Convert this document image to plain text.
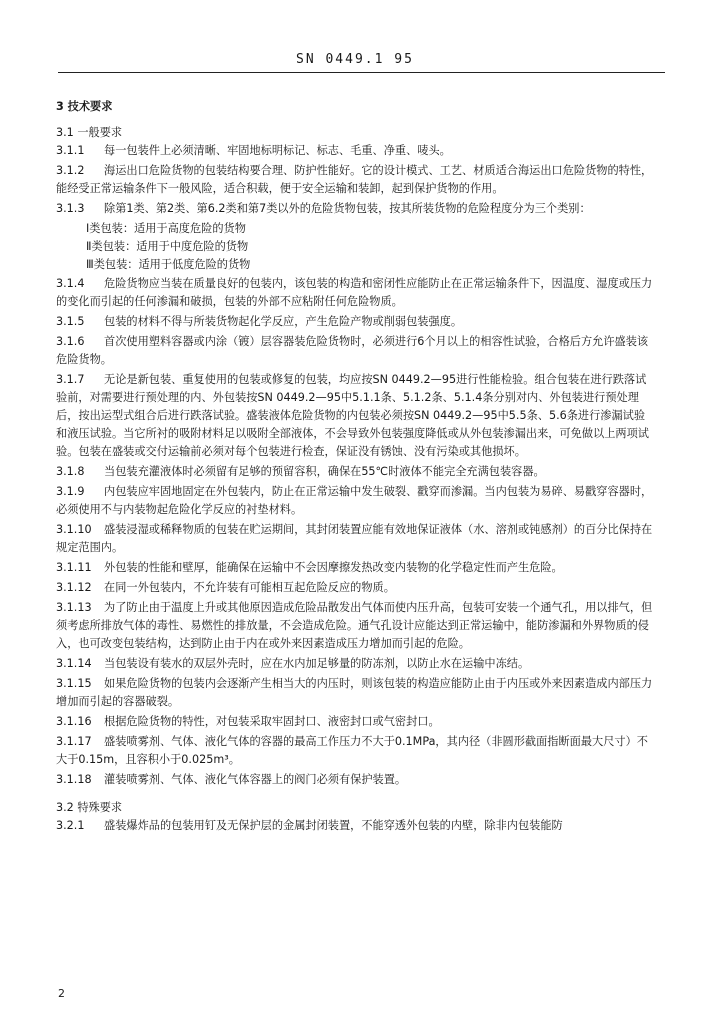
SN 0449.1 95
3 技术要求
3.1 一般要求
3.1.1 每一包装件上必须清晰、牢固地标明标记、标志、毛重、净重、唛头。
3.1.2 海运出口危险货物的包装结构要合理、防护性能好。它的设计模式、工艺、材质适合海运出口危险货物的特性，能经受正常运输条件下一般风险，适合积载，便于安全运输和装卸，起到保护货物的作用。
3.1.3 除第1类、第2类、第6.2类和第7类以外的危险货物包装，按其所装货物的危险程度分为三个类别：
Ⅰ类包装：适用于高度危险的货物
Ⅱ类包装：适用于中度危险的货物
Ⅲ类包装：适用于低度危险的货物
3.1.4 危险货物应当装在质量良好的包装内，该包装的构造和密闭性应能防止在正常运输条件下，因温度、湿度或压力的变化而引起的任何渗漏和破损，包装的外部不应粘附任何危险物质。
3.1.5 包装的材料不得与所装货物起化学反应，产生危险产物或削弱包装强度。
3.1.6 首次使用塑料容器或内涂（镀）层容器装危险货物时，必须进行6个月以上的相容性试验，合格后方允许盛装该危险货物。
3.1.7 无论是新包装、重复使用的包装或修复的包装，均应按SN 0449.2—95进行性能检验。组合包装在进行跌落试验前，对需要进行预处理的内、外包装按SN 0449.2—95中5.1.1条、5.1.2条、5.1.4条分别对内、外包装进行预处理后，按出运型式组合后进行跌落试验。盛装液体危险货物的内包装必须按SN 0449.2—95中5.5条、5.6条进行渗漏试验和液压试验。当它所衬的吸附材料足以吸附全部液体，不会导致外包装强度降低或从外包装渗漏出来，可免做以上两项试验。包装在盛装或交付运输前必须对每个包装进行检查，保证没有锈蚀、没有污染或其他损坏。
3.1.8 当包装充灌液体时必须留有足够的预留容积，确保在55℃时液体不能完全充满包装容器。
3.1.9 内包装应牢固地固定在外包装内，防止在正常运输中发生破裂、戳穿而渗漏。当内包装为易碎、易戳穿容器时，必须使用不与内装物起危险化学反应的衬垫材料。
3.1.10 盛装浸湿或稀释物质的包装在贮运期间，其封闭装置应能有效地保证液体（水、溶剂或钝感剂）的百分比保持在规定范围内。
3.1.11 外包装的性能和壁厚，能确保在运输中不会因摩擦发热改变内装物的化学稳定性而产生危险。
3.1.12 在同一外包装内，不允许装有可能相互起危险反应的物质。
3.1.13 为了防止由于温度上升或其他原因造成危险品散发出气体而使内压升高，包装可安装一个通气孔，用以排气，但须考虑所排放气体的毒性、易燃性的排放量，不会造成危险。通气孔设计应能达到正常运输中，能防渗漏和外界物质的侵入，也可改变包装结构，达到防止由于内在或外来因素造成压力增加而引起的危险。
3.1.14 当包装设有装水的双层外壳时，应在水内加足够量的防冻剂，以防止水在运输中冻结。
3.1.15 如果危险货物的包装内会逐渐产生相当大的内压时，则该包装的构造应能防止由于内压或外来因素造成内部压力增加而引起的容器破裂。
3.1.16 根据危险货物的特性，对包装采取牢固封口、液密封口或气密封口。
3.1.17 盛装喷雾剂、气体、液化气体的容器的最高工作压力不大于0.1MPa，其内径（非圆形截面指断面最大尺寸）不大于0.15m，且容积小于0.025m³。
3.1.18 灌装喷雾剂、气体、液化气体容器上的阀门必须有保护装置。
3.2 特殊要求
3.2.1 盛装爆炸品的包装用钉及无保护层的金属封闭装置，不能穿透外包装的内壁，除非内包装能防
2
